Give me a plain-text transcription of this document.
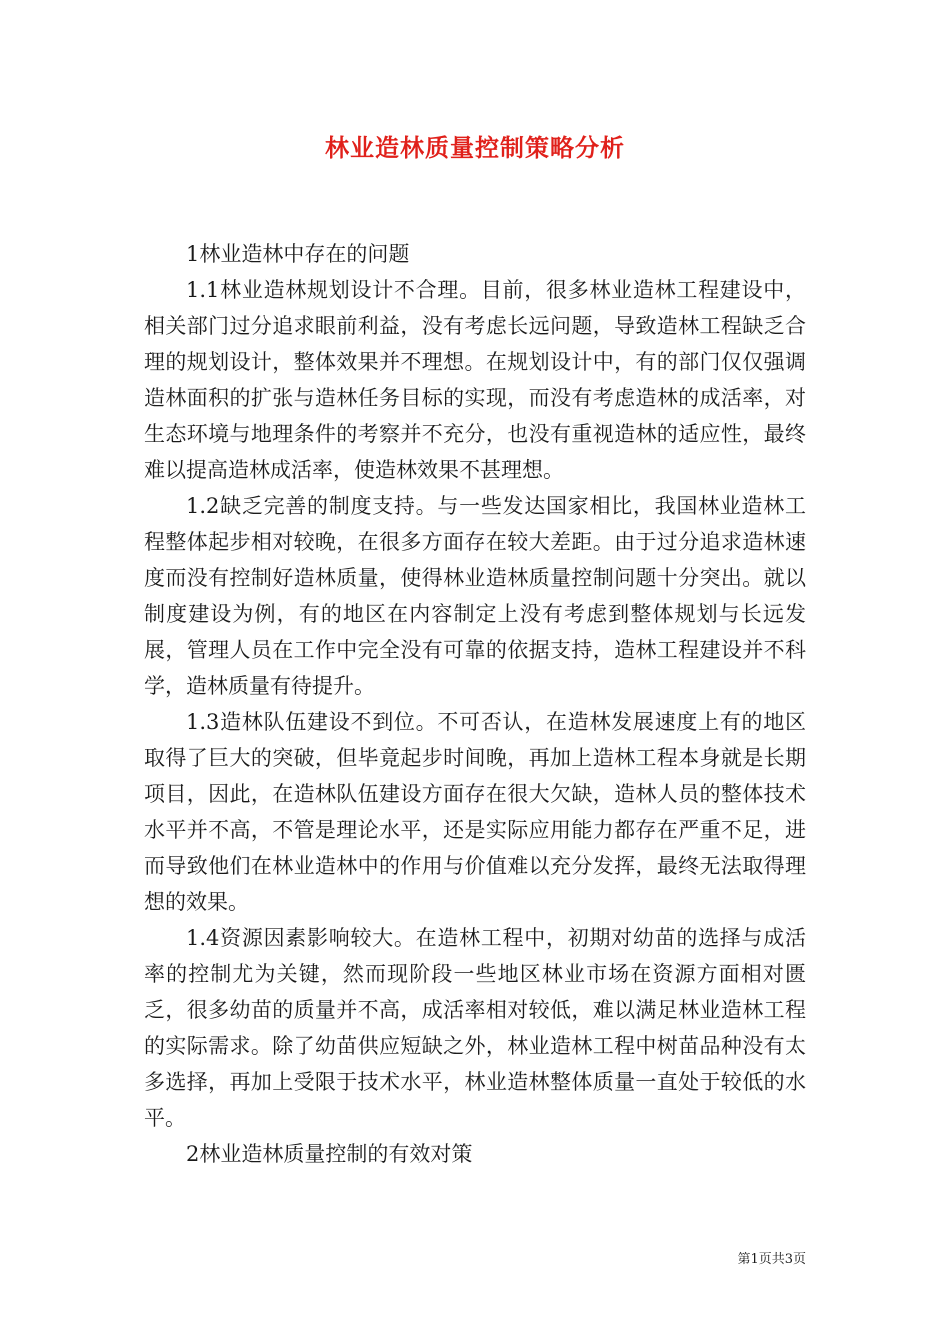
林业造林质量控制策略分析

1林业造林中存在的问题

1.1林业造林规划设计不合理。目前，很多林业造林工程建设中，相关部门过分追求眼前利益，没有考虑长远问题，导致造林工程缺乏合理的规划设计，整体效果并不理想。在规划设计中，有的部门仅仅强调造林面积的扩张与造林任务目标的实现，而没有考虑造林的成活率，对生态环境与地理条件的考察并不充分，也没有重视造林的适应性，最终难以提高造林成活率，使造林效果不甚理想。

1.2缺乏完善的制度支持。与一些发达国家相比，我国林业造林工程整体起步相对较晚，在很多方面存在较大差距。由于过分追求造林速度而没有控制好造林质量，使得林业造林质量控制问题十分突出。就以制度建设为例，有的地区在内容制定上没有考虑到整体规划与长远发展，管理人员在工作中完全没有可靠的依据支持，造林工程建设并不科学，造林质量有待提升。

1.3造林队伍建设不到位。不可否认，在造林发展速度上有的地区取得了巨大的突破，但毕竟起步时间晚，再加上造林工程本身就是长期项目，因此，在造林队伍建设方面存在很大欠缺，造林人员的整体技术水平并不高，不管是理论水平，还是实际应用能力都存在严重不足，进而导致他们在林业造林中的作用与价值难以充分发挥，最终无法取得理想的效果。

1.4资源因素影响较大。在造林工程中，初期对幼苗的选择与成活率的控制尤为关键，然而现阶段一些地区林业市场在资源方面相对匮乏，很多幼苗的质量并不高，成活率相对较低，难以满足林业造林工程的实际需求。除了幼苗供应短缺之外，林业造林工程中树苗品种没有太多选择，再加上受限于技术水平，林业造林整体质量一直处于较低的水平。

2林业造林质量控制的有效对策

第1页共3页
